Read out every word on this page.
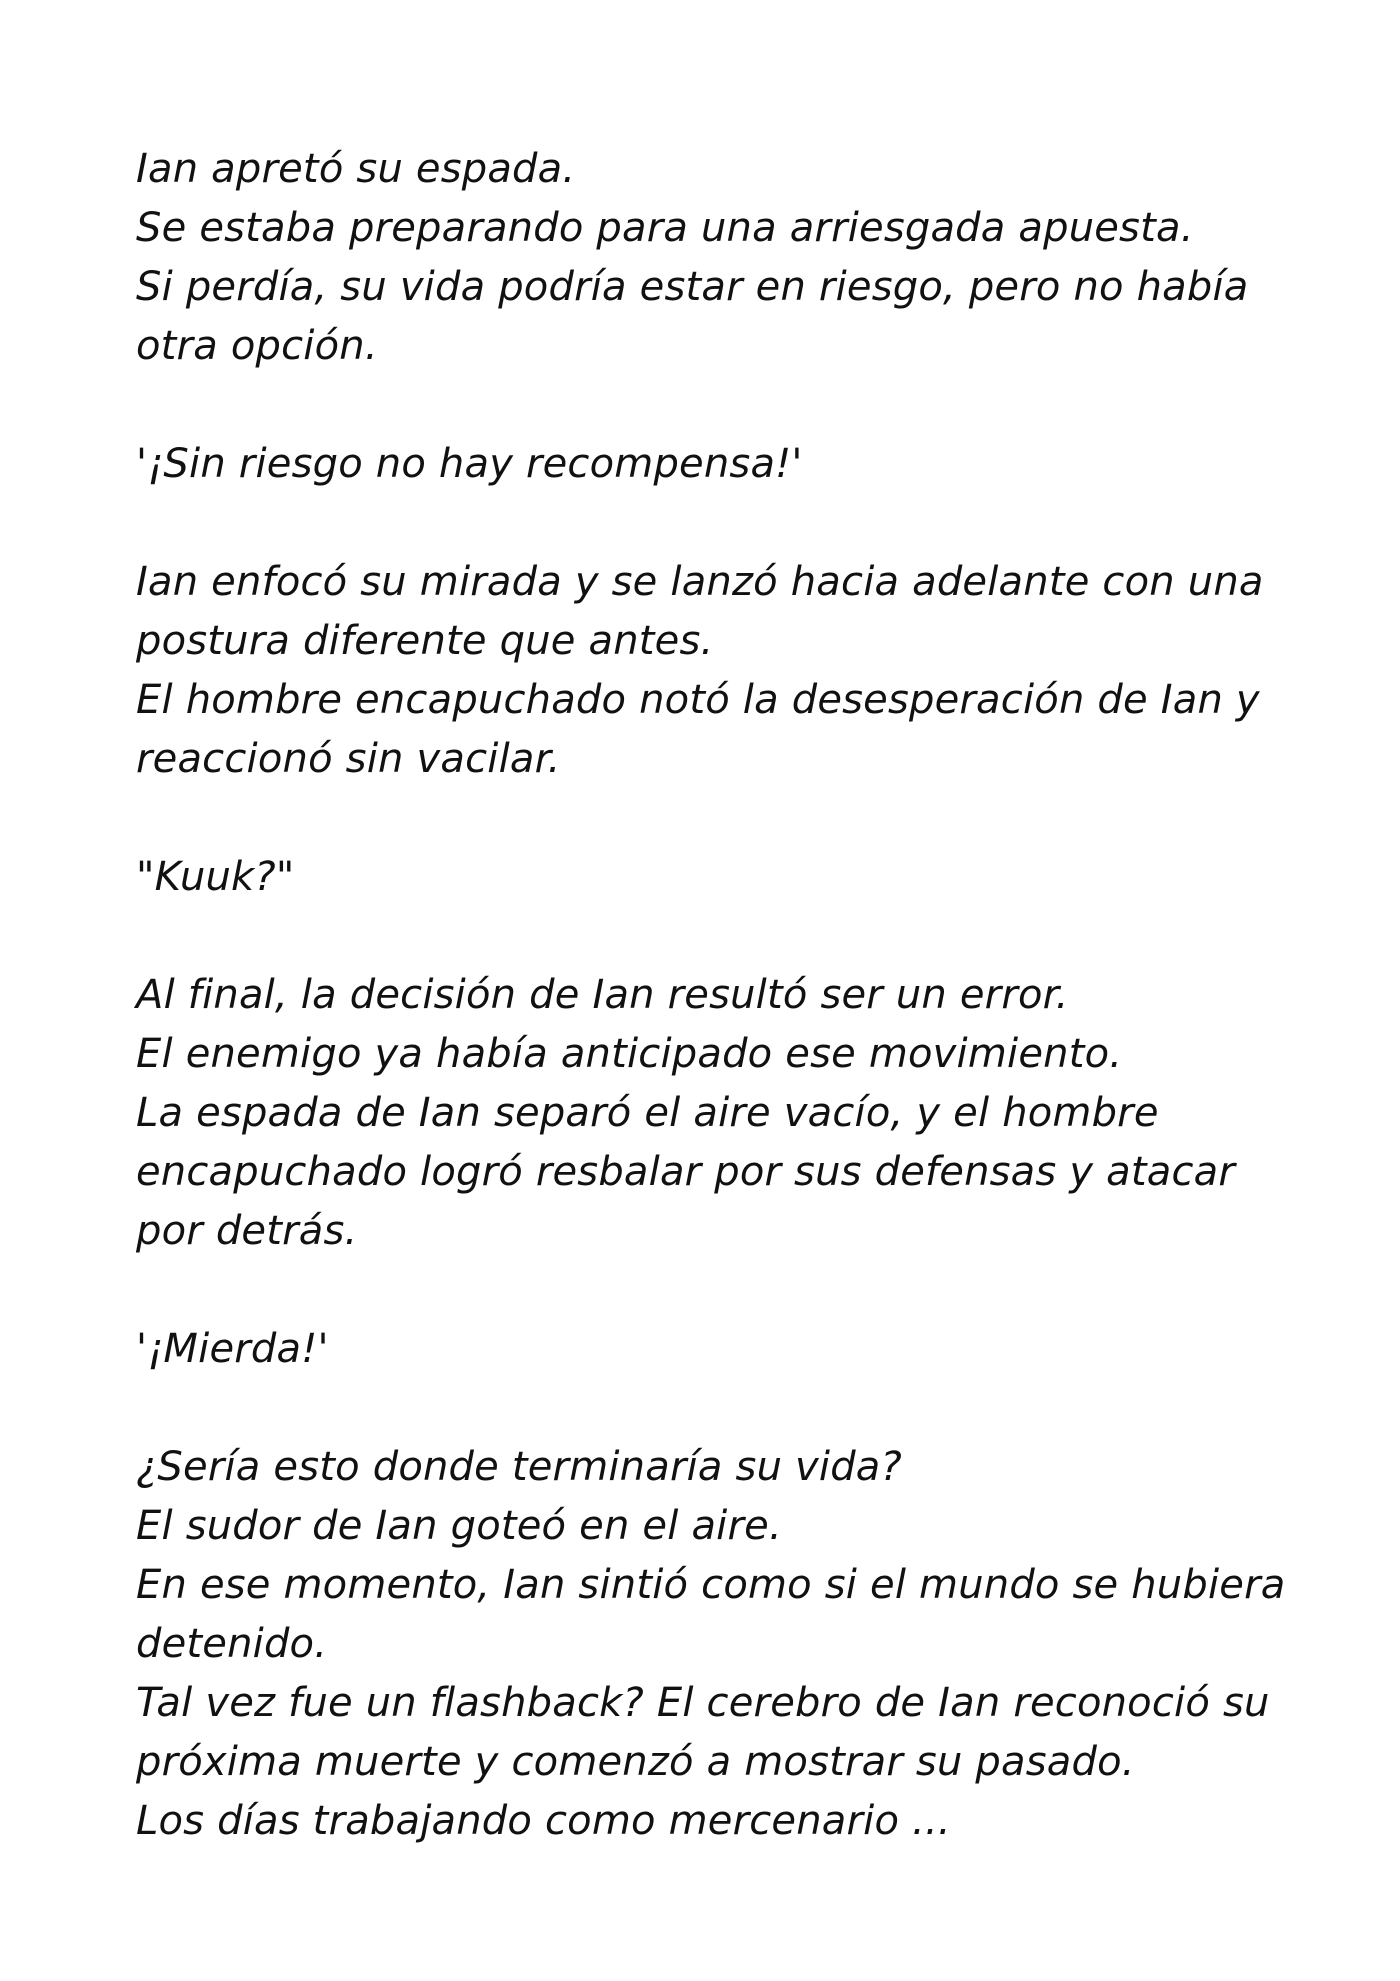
Ian apretó su espada.
Se estaba preparando para una arriesgada apuesta.
Si perdía, su vida podría estar en riesgo, pero no había
otra opción.
'¡Sin riesgo no hay recompensa!'
Ian enfocó su mirada y se lanzó hacia adelante con una
postura diferente que antes.
El hombre encapuchado notó la desesperación de Ian y
reaccionó sin vacilar.
"Kuuk?"
Al final, la decisión de Ian resultó ser un error.
El enemigo ya había anticipado ese movimiento.
La espada de Ian separó el aire vacío, y el hombre
encapuchado logró resbalar por sus defensas y atacar
por detrás.
'¡Mierda!'
¿Sería esto donde terminaría su vida?
El sudor de Ian goteó en el aire.
En ese momento, Ian sintió como si el mundo se hubiera
detenido.
Tal vez fue un flashback? El cerebro de Ian reconoció su
próxima muerte y comenzó a mostrar su pasado.
Los días trabajando como mercenario ...
